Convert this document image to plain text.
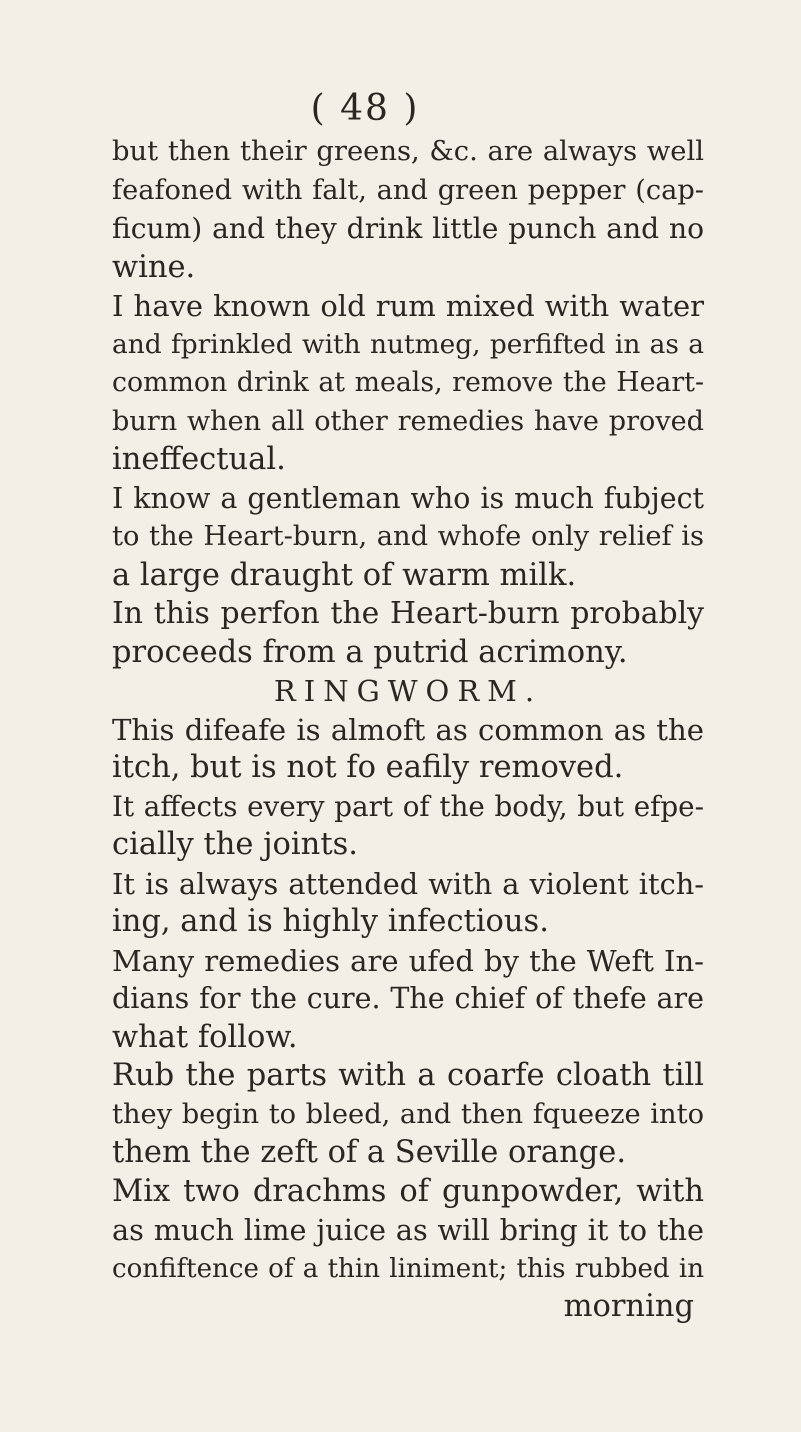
( 48 )
but then their greens, &c. are always well
feafoned with falt, and green pepper (cap-
ficum) and they drink little punch and no
wine.
I have known old rum mixed with water
and fprinkled with nutmeg, perfifted in as a
common drink at meals, remove the Heart-
burn when all other remedies have proved
ineffectual.
I know a gentleman who is much fubject
to the Heart-burn, and whofe only relief is
a large draught of warm milk.
In this perfon the Heart-burn probably
proceeds from a putrid acrimony.
RINGWORM.
This difeafe is almoft as common as the
itch, but is not fo eafily removed.
It affects every part of the body, but efpe-
cially the joints.
It is always attended with a violent itch-
ing, and is highly infectious.
Many remedies are ufed by the Weft In-
dians for the cure. The chief of thefe are
what follow.
Rub the parts with a coarfe cloath till
they begin to bleed, and then fqueeze into
them the zeft of a Seville orange.
Mix two drachms of gunpowder, with
as much lime juice as will bring it to the
confiftence of a thin liniment; this rubbed in
morning
